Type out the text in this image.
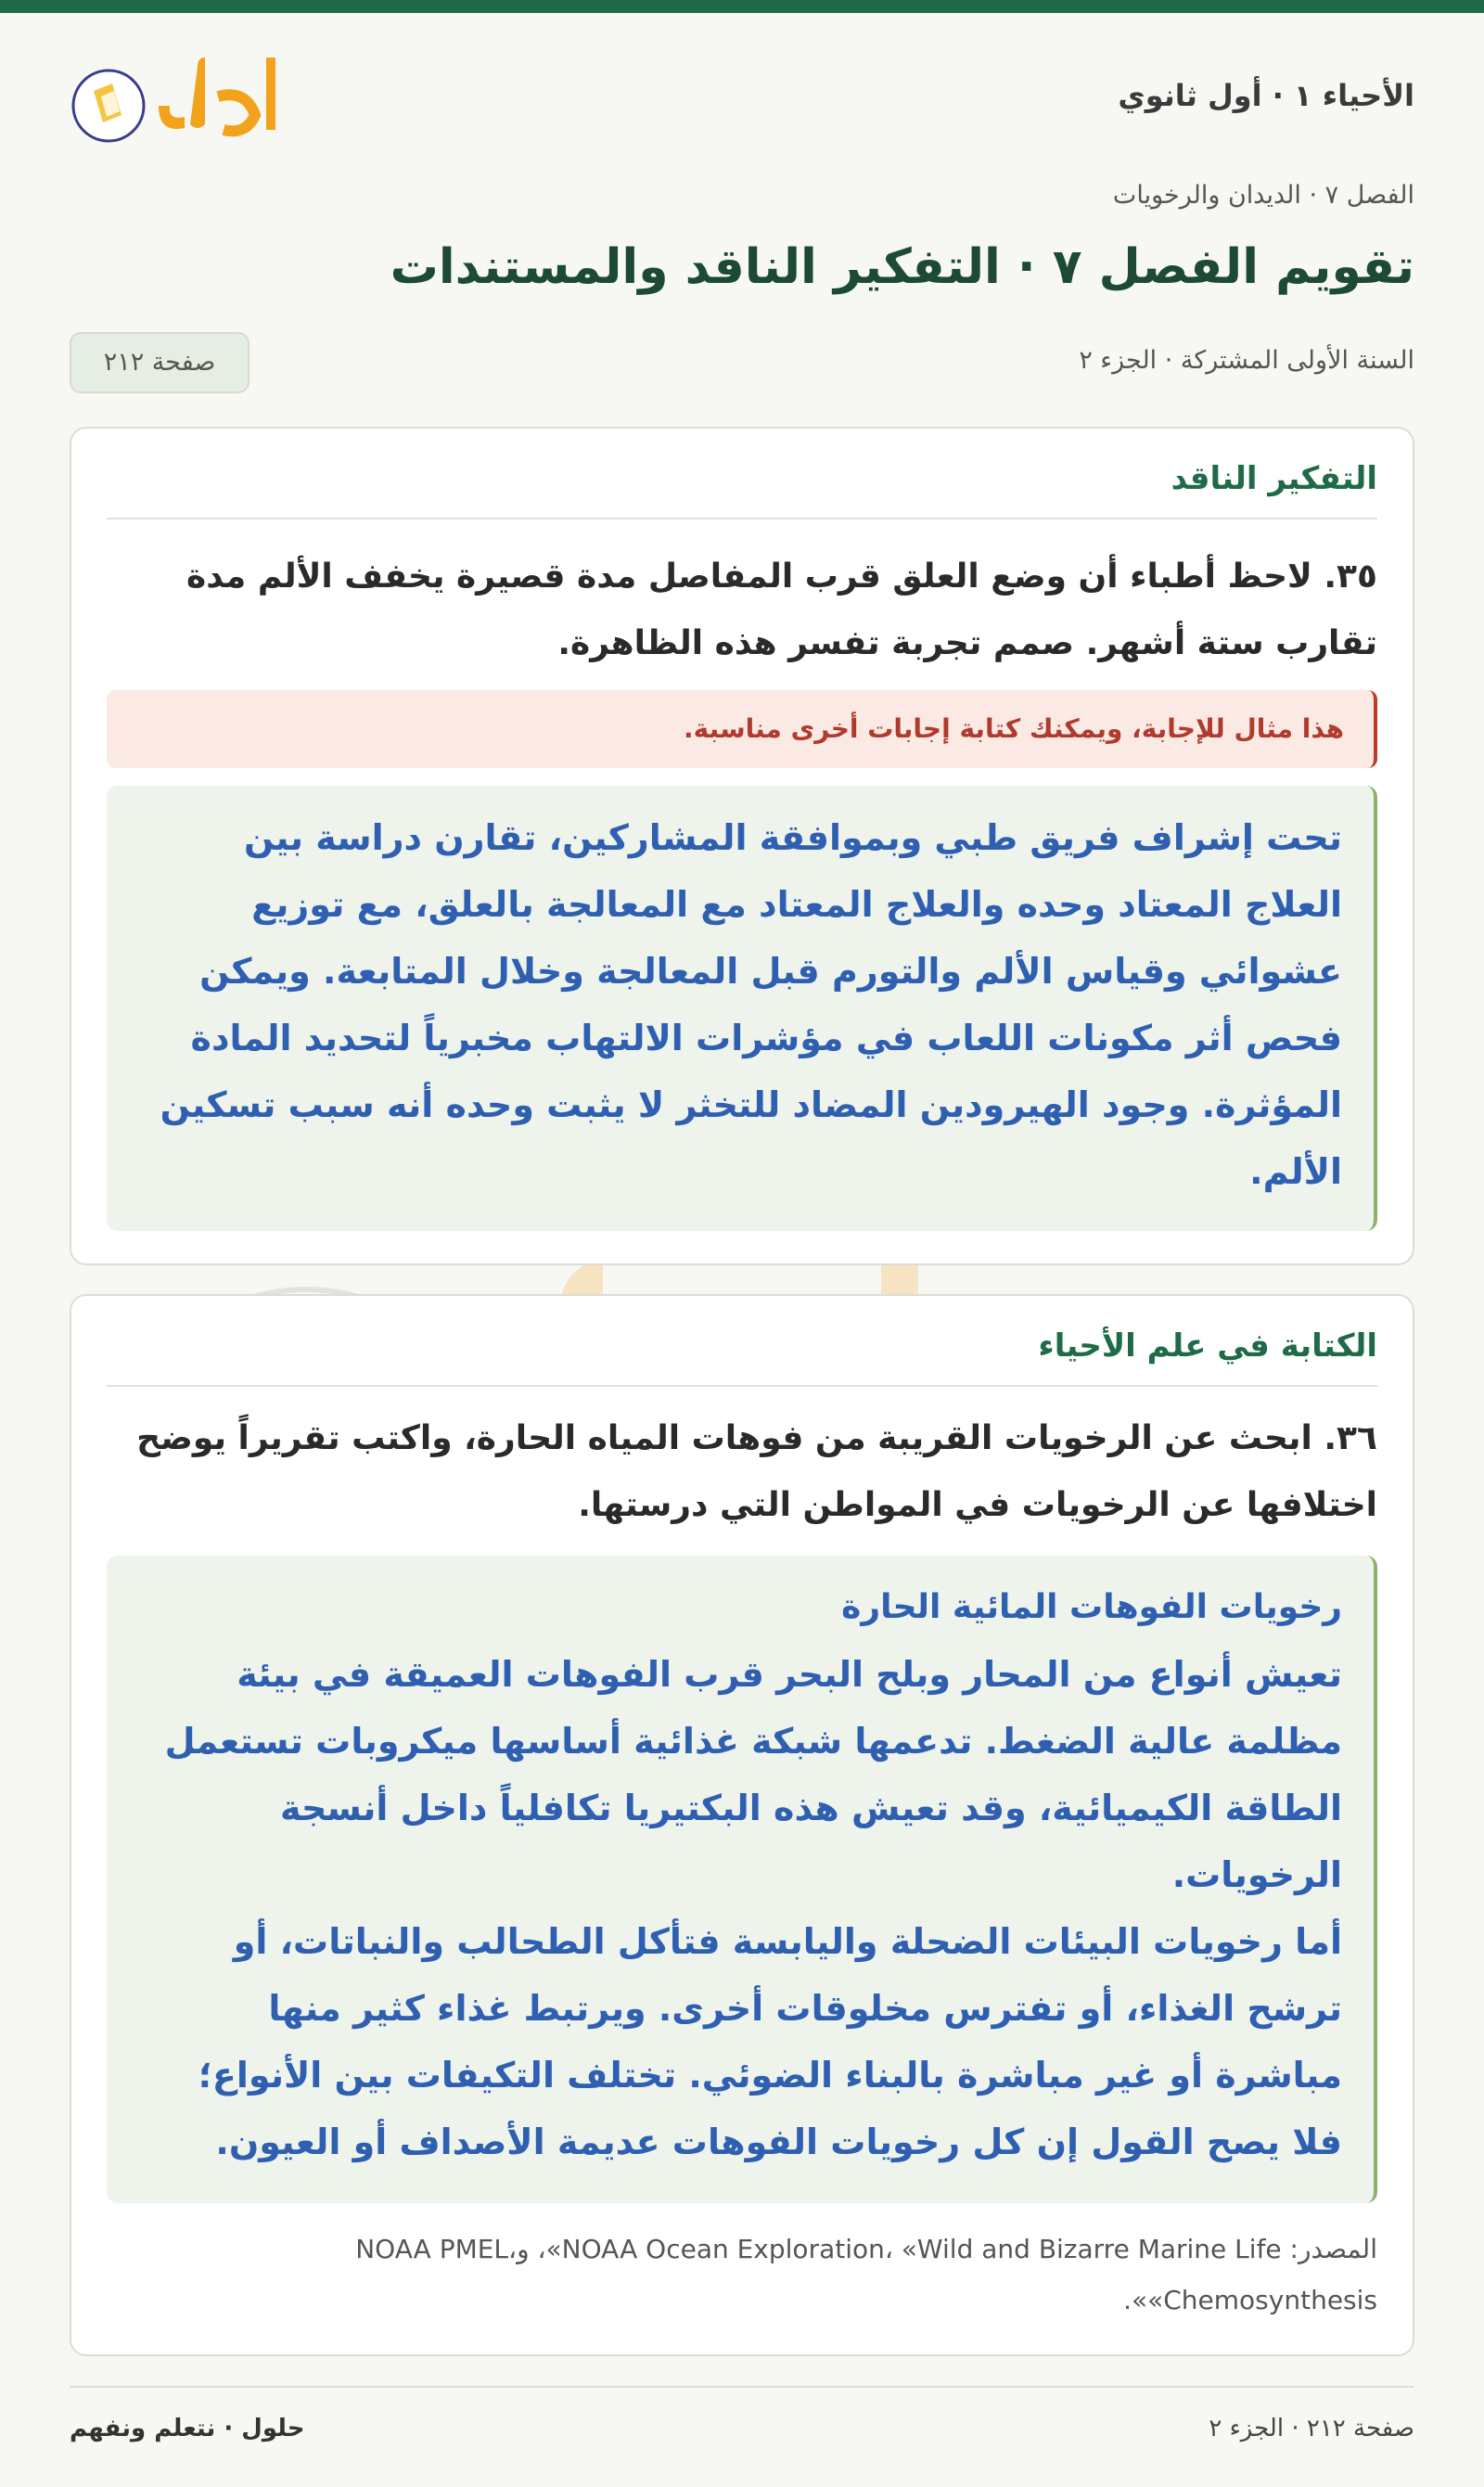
الأحياء ١ · أول ثانوي
الفصل ٧ · الديدان والرخويات
تقويم الفصل ٧ · التفكير الناقد والمستندات
السنة الأولى المشتركة · الجزء ٢
صفحة ٢١٢
التفكير الناقد

٣٥. لاحظ أطباء أن وضع العلق قرب المفاصل مدة قصيرة يخفف الألم مدة تقارب ستة أشهر. صمم تجربة تفسر هذه الظاهرة.

هذا مثال للإجابة، ويمكنك كتابة إجابات أخرى مناسبة.
تحت إشراف فريق طبي وبموافقة المشاركين، تقارن دراسة بين العلاج المعتاد وحده والعلاج المعتاد مع المعالجة بالعلق، مع توزيع عشوائي وقياس الألم والتورم قبل المعالجة وخلال المتابعة. ويمكن فحص أثر مكونات اللعاب في مؤشرات الالتهاب مخبرياً لتحديد المادة المؤثرة. وجود الهيرودين المضاد للتخثر لا يثبت وحده أنه سبب تسكين الألم.
الكتابة في علم الأحياء

٣٦. ابحث عن الرخويات القريبة من فوهات المياه الحارة، واكتب تقريراً يوضح اختلافها عن الرخويات في المواطن التي درستها.

رخويات الفوهات المائية الحارة
تعيش أنواع من المحار وبلح البحر قرب الفوهات العميقة في بيئة مظلمة عالية الضغط. تدعمها شبكة غذائية أساسها ميكروبات تستعمل الطاقة الكيميائية، وقد تعيش هذه البكتيريا تكافلياً داخل أنسجة الرخويات.
أما رخويات البيئات الضحلة واليابسة فتأكل الطحالب والنباتات، أو ترشح الغذاء، أو تفترس مخلوقات أخرى. ويرتبط غذاء كثير منها مباشرة أو غير مباشرة بالبناء الضوئي. تختلف التكيفات بين الأنواع؛ فلا يصح القول إن كل رخويات الفوهات عديمة الأصداف أو العيون.

المصدر: NOAA Ocean Exploration، «Wild and Bizarre Marine Life»، وNOAA PMEL، «Chemosynthesis».

صفحة ٢١٢ · الجزء ٢
حلول · نتعلم ونفهم
